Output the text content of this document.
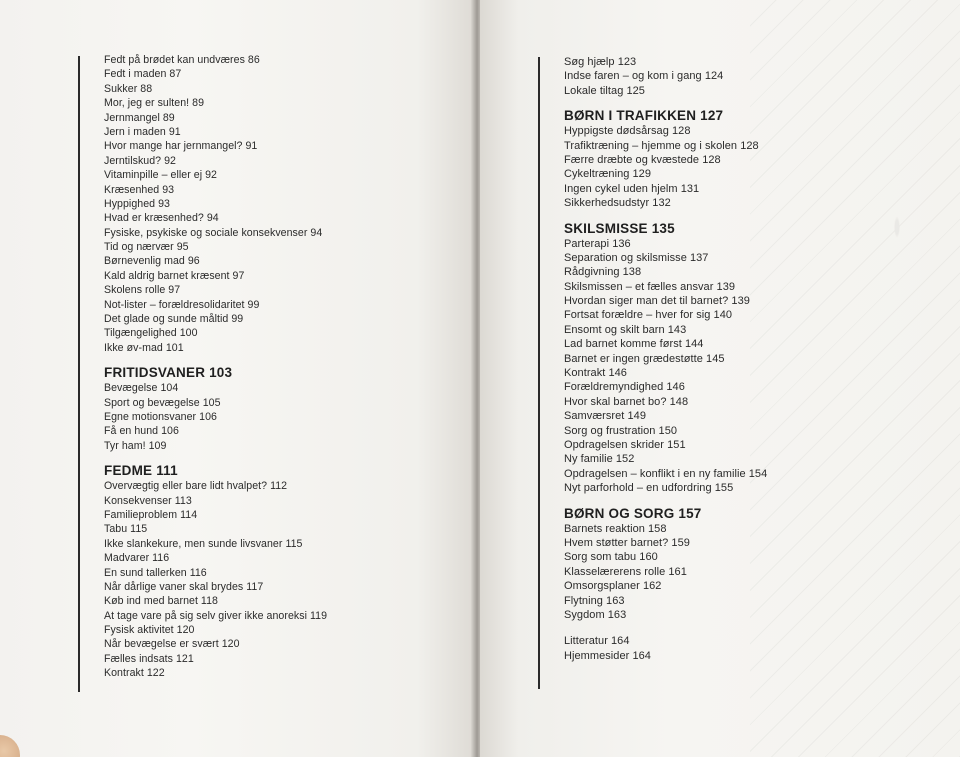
Fedt på brødet kan undværes 86
Fedt i maden 87
Sukker 88
Mor, jeg er sulten! 89
Jernmangel 89
Jern i maden 91
Hvor mange har jernmangel? 91
Jerntilskud? 92
Vitaminpille – eller ej 92
Kræsenhed 93
Hyppighed 93
Hvad er kræsenhed? 94
Fysiske, psykiske og sociale konsekvenser 94
Tid og nærvær 95
Børnevenlig mad 96
Kald aldrig barnet kræsent 97
Skolens rolle 97
Not-lister – forældresolidaritet 99
Det glade og sunde måltid 99
Tilgængelighed 100
Ikke øv-mad 101
FRITIDSVANER 103
Bevægelse 104
Sport og bevægelse 105
Egne motionsvaner 106
Få en hund 106
Tyr ham! 109
FEDME 111
Overvægtig eller bare lidt hvalpet? 112
Konsekvenser 113
Familieproblem 114
Tabu 115
Ikke slankekure, men sunde livsvaner 115
Madvarer 116
En sund tallerken 116
Når dårlige vaner skal brydes 117
Køb ind med barnet 118
At tage vare på sig selv giver ikke anoreksi 119
Fysisk aktivitet 120
Når bevægelse er svært 120
Fælles indsats 121
Kontrakt 122
Søg hjælp 123
Indse faren – og kom i gang 124
Lokale tiltag 125
BØRN I TRAFIKKEN 127
Hyppigste dødsårsag 128
Trafiktræning – hjemme og i skolen 128
Færre dræbte og kvæstede 128
Cykeltræning 129
Ingen cykel uden hjelm 131
Sikkerhedsudstyr 132
SKILSMISSE 135
Parterapi 136
Separation og skilsmisse 137
Rådgivning 138
Skilsmissen – et fælles ansvar 139
Hvordan siger man det til barnet? 139
Fortsat forældre – hver for sig 140
Ensomt og skilt barn 143
Lad barnet komme først 144
Barnet er ingen grædestøtte 145
Kontrakt 146
Forældremyndighed 146
Hvor skal barnet bo? 148
Samværsret 149
Sorg og frustration 150
Opdragelsen skrider 151
Ny familie 152
Opdragelsen – konflikt i en ny familie 154
Nyt parforhold – en udfordring 155
BØRN OG SORG 157
Barnets reaktion 158
Hvem støtter barnet? 159
Sorg som tabu 160
Klasselærerens rolle 161
Omsorgsplaner 162
Flytning 163
Sygdom 163
Litteratur 164
Hjemmesider 164
